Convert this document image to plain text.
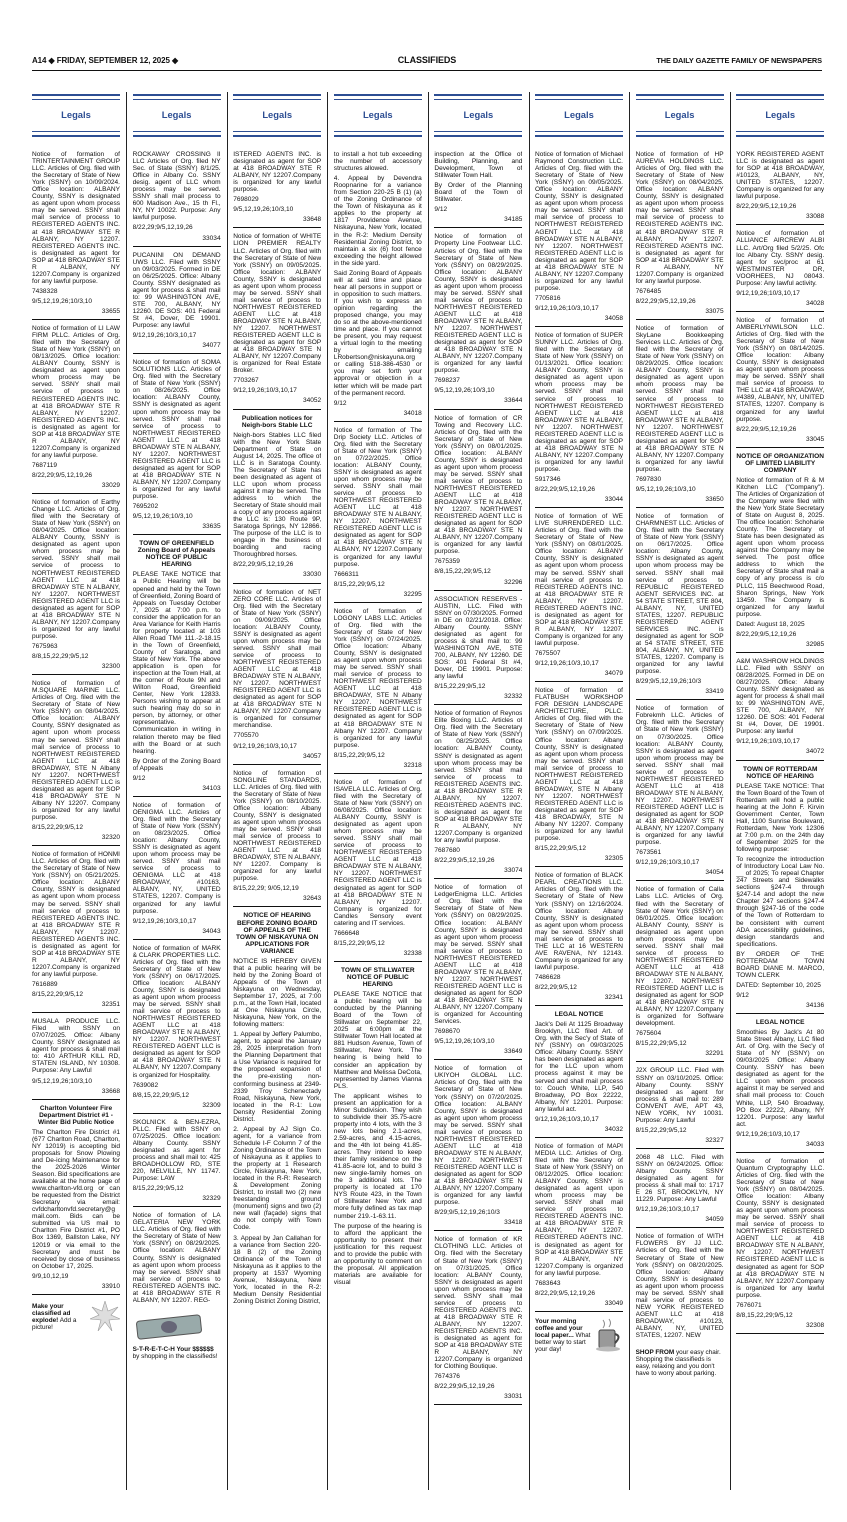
A14 ◆ FRIDAY, SEPTEMBER 12, 2025 ◆	CLASSIFIEDS	THE DAILY GAZETTE FAMILY OF NEWSPAPERS
Legals

Notice of formation of TRINTERTAINMENT GROUP LLC. Articles of Org. filed with the Secretary of State of New York (SSNY) on 10/09/2024. Office location: ALBANY County, SSNY is designated as agent upon whom process may be served. SSNY shall mail service of process to REGISTERED AGENTS INC. at 418 BROADWAY STE R ALBANY, NY 12207. REGISTERED AGENTS INC. is designated as agent for SOP at 418 BROADWAY STE R ALBANY, NY 12207.Company is organized for any lawful purpose.

7438328

9/5,12,19,26;10/3,10

33655

Notice of formation of LI LAW FIRM PLLC. Articles of Org. filed with the Secretary of State of New York (SSNY) on 08/13/2025. Office location: ALBANY County, SSNY is designated as agent upon whom process may be served. SSNY shall mail service of process to REGISTERED AGENTS INC. at 418 BROADWAY STE R ALBANY, NY 12207. REGISTERED AGENTS INC. is designated as agent for SOP at 418 BROADWAY STE R ALBANY, NY 12207.Company is organized for any lawful purpose.

7687119

8/22,29;9/5,12,19,26

33029

Notice of formation of Earthy Change LLC. Articles of Org. filed with the Secretary of State of New York (SSNY) on 08/04/2025. Office location: ALBANY County, SSNY is designated as agent upon whom process may be served. SSNY shall mail service of process to NORTHWEST REGISTERED AGENT LLC at 418 BROADWAY STE N ALBANY, NY 12207. NORTHWEST REGISTERED AGENT LLC is designated as agent for SOP at 418 BROADWAY STE N ALBANY, NY 12207.Company is organized for any lawful purpose.

7675963

8/8,15,22,29;9/5,12

32300

Notice of formation of M.SQUARE MARINE LLC. Articles of Org. filed with the Secretary of State of New York (SSNY) on 08/04/2025. Office location: ALBANY County, SSNY designated as agent upon whom process may be served. SSNY shall mail service of process to NORTHWEST REGISTERED AGENT LLC at 418 BROADWAY, STE N Albany NY 12207. NORTHWEST REGISTERED AGENT LLC is designated as agent for SOP 418 BROADWAY STE N Albany NY 12207. Company is organized for any lawful purpose.

8/15,22,29;9/5,12

32320

Notice of formation of HONMI LLC. Articles of Org. filed with the Secretary of State of New York (SSNY) on 05/21/2025. Office location: ALBANY County, SSNY is designated as agent upon whom process may be served. SSNY shall mail service of process to REGISTERED AGENTS INC. at 418 BROADWAY STE R ALBANY, NY 12207. REGISTERED AGENTS INC. is designated as agent for SOP at 418 BROADWAY STE R ALBANY, NY 12207.Company is organized for any lawful purpose.

7616889

8/15,22,29;9/5,12

32351

MUSALA PRODUCE LLC. Filed with SSNY on 07/07/2025. Office: Albany County. SSNY designated as agent for process & shall mail to: 410 ARTHUR KILL RD, STATEN ISLAND, NY 10308. Purpose: Any Lawful

9/5,12,19,26;10/3,10

33668

Charlton Volunteer Fire Department District #1 - Winter Bid Public Notice

The Charlton Fire District #1 (677 Charlton Road, Charlton, NY 12019) is accepting bid proposals for Snow Plowing and De-icing Maintenance for the 2025-2026 Winter Season. Bid specifications are available at the home page of www.charlton-vfd.org or can be requested from the District Secretary via email: cvfdcharltonvfd.secretary@gmail.com. Bids can be submitted via US mail to Charlton Fire District #1, PO Box 1369, Ballston Lake, NY 12019 or via email to the Secretary and must be received by close of business on October 17, 2025.

9/9,10,12,19

33910

Make your classified ad explode! Add a picture!
Legals

ROCKAWAY CROSSING II LLC Articles of Org. filed NY Sec. of State (SSNY) 8/1/25. Office in Albany Co. SSNY desig. agent of LLC whom process may be served. SSNY shall mail process to 600 Madison Ave., 15 th Fl., NY, NY 10022. Purpose: Any lawful purpose.

8/22,29;9/5,12,19,26

33034

PUCANINI ON DEMAND UWS LLC. Filed with SSNY on 09/03/2025. Formed in DE on 06/25/2025. Office: Albany County. SSNY designated as agent for process & shall mail to: 99 WASHINGTON AVE, STE 700, ALBANY, NY 12260. DE SOS: 401 Federal St #4, Dover, DE 19901. Purpose: any lawful

9/12,19,26;10/3,10,17

34077

Notice of formation of SOMA SOLUTIONS LLC. Articles of Org. filed with the Secretary of State of New York (SSNY) on 08/26/2025. Office location: ALBANY County, SSNY is designated as agent upon whom process may be served. SSNY shall mail service of process to NORTHWEST REGISTERED AGENT LLC at 418 BROADWAY STE N ALBANY, NY 12207. NORTHWEST REGISTERED AGENT LLC is designated as agent for SOP at 418 BROADWAY STE N ALBANY, NY 12207.Company is organized for any lawful purpose.

7695202

9/5,12,19,26;10/3,10

33635

TOWN OF GREENFIELD Zoning Board of Appeals NOTICE OF PUBLIC HEARING

PLEASE TAKE NOTICE that a Public Hearing will be opened and held by the Town of Greenfield, Zoning Board of Appeals on Tuesday October 7, 2025 at 7:00 p.m. to consider the application for an Area Variance for Keith Harris for property located at 103 Allen Road TM# 111.-2-18.15 in the Town of Greenfield, County of Saratoga, and State of New York. The above application is open for inspection at the Town Hall, at the corner of Route 9N and Wilton Road, Greenfield Center, New York 12833. Persons wishing to appear at such hearing may do so in person, by attorney, or other representative. Communication in writing in relation thereto may be filed with the Board or at such hearing.

By Order of the Zoning Board of Appeals

9/12

34103

Notice of formation of OENIGMA LLC. Articles of Org. filed with the Secretary of State of New York (SSNY) on 08/23/2025. Office location: Albany County, SSNY is designated as agent upon whom process may be served. SSNY shall mail service of process to OENIGMA LLC at 418 BROADWAY, #10163, ALBANY, NY, UNITED STATES, 12207. Company is organized for any lawful purpose.

9/12,19,26;10/3,10,17

34043

Notice of formation of MARK & CLARK PROPERTIES LLC. Articles of Org. filed with the Secretary of State of New York (SSNY) on 06/17/2025. Office location: ALBANY County, SSNY is designated as agent upon whom process may be served. SSNY shall mail service of process to NORTHWEST REGISTERED AGENT LLC at 418 BROADWAY STE N ALBANY, NY 12207. NORTHWEST REGISTERED AGENT LLC is designated as agent for SOP at 418 BROADWAY STE N ALBANY, NY 12207.Company is organized for Hospitality.

7639082

8/8,15,22,29;9/5,12

32309

SKOLNICK & BEN-EZRA, PLLC. Filed with SSNY on 07/25/2025. Office location: Albany County. SSNY designated as agent for process and shall mail to: 425 BROADHOLLOW RD, STE 220, MELVILLE, NY 11747. Purpose: LAW

8/15,22,29;9/5,12

32329

Notice of formation of LA GELATERIA NEW YORK LLC. Articles of Org. filed with the Secretary of State of New York (SSNY) on 08/29/2025. Office location: ALBANY County, SSNY is designated as agent upon whom process may be served. SSNY shall mail service of process to REGISTERED AGENTS INC. at 418 BROADWAY STE R ALBANY, NY 12207. REG-

S-T-R-E-T-C-H Your $$$$$$ by shopping in the classifieds!
Legals

ISTERED AGENTS INC. is designated as agent for SOP at 418 BROADWAY STE R ALBANY, NY 12207.Company is organized for any lawful purpose.

7698029

9/5,12,19,26;10/3,10

33648

Notice of formation of WHITE LION PREMIER REALTY LLC. Articles of Org. filed with the Secretary of State of New York (SSNY) on 09/05/2025. Office location: ALBANY County, SSNY is designated as agent upon whom process may be served. SSNY shall mail service of process to NORTHWEST REGISTERED AGENT LLC at 418 BROADWAY STE N ALBANY, NY 12207. NORTHWEST REGISTERED AGENT LLC is designated as agent for SOP at 418 BROADWAY STE N ALBANY, NY 12207.Company is organized for Real Estate Broker.

7703267

9/12,19,26;10/3,10,17

34052

Publication notices for Neigh-bors Stable LLC

Neigh-bors Stables LLC filed with the New York State Department of State on August 14, 2025. The office of LLC is in Saratoga County. The Secretary of State has been designated as agent of LLC upon whom process against it may be served. The address to which the Secretary of State should mail a copy of any process against the LLC is: 130 Route 9P, Saratoga Springs, NY 12866. The purpose of the LLC is to engage in the business of boarding and racing Thoroughbred horses.

8/22,29;9/5,12,19,26

33030

Notice of formation of NET ZERO CORE LLC. Articles of Org. filed with the Secretary of State of New York (SSNY) on 09/09/2025. Office location: ALBANY County, SSNY is designated as agent upon whom process may be served. SSNY shall mail service of process to NORTHWEST REGISTERED AGENT LLC at 418 BROADWAY STE N ALBANY, NY 12207. NORTHWEST REGISTERED AGENT LLC is designated as agent for SOP at 418 BROADWAY STE N ALBANY, NY 12207.Company is organized for consumer merchandise.

7705570

9/12,19,26;10/3,10,17

34057

Notice of formation of SONGLINE STANDARDS, LLC. Articles of Org. filed with the Secretary of State of New York (SSNY) on 08/10/2025. Office location: Albany County, SSNY is designated as agent upon whom process may be served. SSNY shall mail service of process to NORTHWEST REGISTERED AGENT LLC at 418 BROADWAY, STE N ALBANY, NY 12207. Company is organized for any lawful purpose.

8/15,22,29; 9/05,12,19

32643

NOTICE OF HEARING BEFORE ZONING BOARD OF APPEALS OF THE TOWN OF NISKAYUNA ON APPLICATIONS FOR VARIANCE

NOTICE IS HEREBY GIVEN that a public hearing will be held by the Zoning Board of Appeals of the Town of Niskayuna on Wednesday, September 17, 2025, at 7:00 p.m., at the Town Hall, located at One Niskayuna Circle, Niskayuna, New York, on the following matters:

1. Appeal by Jeffery Palumbo, agent, to appeal the January 28, 2025 interpretation from the Planning Department that a Use Variance is required for the proposed expansion of the pre-existing non-conforming business at 2349-2339 Troy Schenectady Road, Niskayuna, New York, located in the R-1: Low Density Residential Zoning District.

2. Appeal by AJ Sign Co. agent, for a variance from Schedule I-F Column 7 of the Zoning Ordinance of the Town of Niskayuna as it applies to the property at 1 Research Circle, Niskayuna, New York, located in the R-R: Research & Development Zoning District, to install two (2) new freestanding ground (monument) signs and two (2) new wall (façade) signs that do not comply with Town Code.

3. Appeal by Jan Callahan for a variance from Section 220-18 B (2) of the Zoning Ordinance of the Town of Niskayuna as it applies to the property at 1537 Wyoming Avenue, Niskayuna, New York, located in the R-2: Medium Density Residential Zoning District Zoning District,

Legals

to install a hot tub exceeding the number of accessory structures allowed.

4. Appeal by Devendra Roopnarine for a variance from Section 220-25 B (1) (a) of the Zoning Ordinance of the Town of Niskayuna as it applies to the property at 1817 Providence Avenue, Niskayuna, New York, located in the R-2: Medium Density Residential Zoning District, to maintain a six (6) foot fence exceeding the height allowed in the side yard.

Said Zoning Board of Appeals will at said time and place hear all persons in support or in opposition to such matters. If you wish to express an opinion regarding the proposed change, you may do so at the above-mentioned time and place. If you cannot be present, you may request a virtual login to the meeting by emailing LRobertson@niskayuna.org or calling 518-386-4530 or you may set forth your approval or objection in a letter which will be made part of the permanent record.

9/12

34018

Notice of formation of The Drip Society LLC. Articles of Org. filed with the Secretary of State of New York (SSNY) on 07/22/2025. Office location: ALBANY County, SSNY is designated as agent upon whom process may be served. SSNY shall mail service of process to NORTHWEST REGISTERED AGENT LLC at 418 BROADWAY STE N ALBANY, NY 12207. NORTHWEST REGISTERED AGENT LLC is designated as agent for SOP at 418 BROADWAY STE N ALBANY, NY 12207.Company is organized for any lawful purpose.

7666311

8/15,22,29;9/5,12

32295

Notice of formation of LOGONY LABS LLC. Articles of Org. filed with the Secretary of State of New York (SSNY) on 07/24/2025. Office location: Albany County, SSNY is designated as agent upon whom process may be served. SSNY shall mail service of process to NORTHWEST REGISTERED AGENT LLC at 418 BROADWAY, STE N Albany NY 12207. NORTHWEST REGISTERED AGENT LLC is designated as agent for SOP at 418 BROADWAY STE N Albany NY 12207. Company is organized for any lawful purpose.

8/15,22,29;9/5,12

32318

Notice of formation of ISAVELA LLC. Articles of Org. filed with the Secretary of State of New York (SSNY) on 06/08/2025. Office location: ALBANY County, SSNY is designated as agent upon whom process may be served. SSNY shall mail service of process to NORTHWEST REGISTERED AGENT LLC at 418 BROADWAY STE N ALBANY, NY 12207. NORTHWEST REGISTERED AGENT LLC is designated as agent for SOP at 418 BROADWAY STE N ALBANY, NY 12207. Company is organized for Candles Sensory event catering and IT services.

7666648

8/15,22,29;9/5,12

32338

TOWN OF STILLWATER NOTICE OF PUBLIC HEARING

PLEASE TAKE NOTICE that a public hearing will be conducted by the Planning Board of the Town of Stillwater on September 22, 2025 at 6:00pm at the Stillwater Town Hall located at 881 Hudson Avenue, Town of Stillwater, New York. The hearing is being held to consider an application by Matthew and Melissa DeCota, represented by James Vianna PLS.

The applicant wishes to present an application for a Minor Subdivision. They wish to subdivide their 35.75-acre property into 4 lots, with the 3 new lots being 2.1-acres, 2.59-acres, and 4.15-acres, and the 4th lot being 41.85-acres. They intend to keep their family residence on the 41.85-acre lot, and to build 3 new single-family homes on the 3 additional lots. The property is located at 170 NYS Route 423, in the Town of Stillwater New York and more fully defined as tax map number 219.-1-63.11.

The purpose of the hearing is to afford the applicant the opportunity to present their justification for this request and to provide the public with an opportunity to comment on the proposal. All application materials are available for visual

Legals

inspection at the Office of Building, Planning, and Development, Town of Stillwater Town Hall.

By Order of the Planning Board of the Town of Stillwater.

9/12

34185

Notice of formation of Property Line Footwear LLC. Articles of Org. filed with the Secretary of State of New York (SSNY) on 08/29/2025. Office location: ALBANY County, SSNY is designated as agent upon whom process may be served. SSNY shall mail service of process to NORTHWEST REGISTERED AGENT LLC at 418 BROADWAY STE N ALBANY, NY 12207. NORTHWEST REGISTERED AGENT LLC is designated as agent for SOP at 418 BROADWAY STE N ALBANY, NY 12207.Company is organized for any lawful purpose.

7698237

9/5,12,19,26;10/3,10

33644

Notice of formation of CR Towing and Recovery LLC. Articles of Org. filed with the Secretary of State of New York (SSNY) on 08/01/2025. Office location: ALBANY County, SSNY is designated as agent upon whom process may be served. SSNY shall mail service of process to NORTHWEST REGISTERED AGENT LLC at 418 BROADWAY STE N ALBANY, NY 12207. NORTHWEST REGISTERED AGENT LLC is designated as agent for SOP at 418 BROADWAY STE N ALBANY, NY 12207.Company is organized for any lawful purpose.

7675359

8/8,15,22,29;9/5,12

32296

ASSOCIATION RESERVES - AUSTIN, LLC. Filed with SSNY on 07/30/2025. Formed in DE on 02/21/2018. Office: Albany County. SSNY designated as agent for process & shall mail to: 99 WASHINGTON AVE, STE 700, ALBANY, NY 12260. DE SOS: 401 Federal St #4, Dover, DE 19901. Purpose: any lawful

8/15,22,29;9/5,12

32332

Notice of formation of Reynos Elite Boxing LLC. Articles of Org. filed with the Secretary of State of New York (SSNY) on 08/25/2025. Office location: ALBANY County, SSNY is designated as agent upon whom process may be served. SSNY shall mail service of process to REGISTERED AGENTS INC. at 418 BROADWAY STE R ALBANY, NY 12207. REGISTERED AGENTS INC. is designated as agent for SOP at 418 BROADWAY STE R ALBANY, NY 12207.Company is organized for any lawful purpose.

7687680

8/22,29;9/5,12,19,26

33074

Notice of formation of LedgerEnigma LLC. Articles of Org. filed with the Secretary of State of New York (SSNY) on 08/29/2025. Office location: ALBANY County, SSNY is designated as agent upon whom process may be served. SSNY shall mail service of process to NORTHWEST REGISTERED AGENT LLC at 418 BROADWAY STE N ALBANY, NY 12207. NORTHWEST REGISTERED AGENT LLC is designated as agent for SOP at 418 BROADWAY STE N ALBANY, NY 12207.Company is organized for Accounting Services.

7698670

9/5,12,19,26;10/3,10

33649

Notice of formation of UKIYOH GLOBAL LLC. Articles of Org. filed with the Secretary of State of New York (SSNY) on 07/20/2025. Office location: ALBANY County, SSNY is designated as agent upon whom process may be served. SSNY shall mail service of process to NORTHWEST REGISTERED AGENT LLC at 418 BROADWAY STE N ALBANY, NY 12207. NORTHWEST REGISTERED AGENT LLC is designated as agent for SOP at 418 BROADWAY STE N ALBANY, NY 12207.Company is organized for any lawful purpose.

8/29;9/5,12,19,26;10/3

33418

Notice of formation of KR CLOTHING LLC. Articles of Org. filed with the Secretary of State of New York (SSNY) on 07/31/2025. Office location: ALBANY County, SSNY is designated as agent upon whom process may be served. SSNY shall mail service of process to REGISTERED AGENTS INC. at 418 BROADWAY STE R ALBANY, NY 12207. REGISTERED AGENTS INC. is designated as agent for SOP at 418 BROADWAY STE R ALBANY, NY 12207.Company is organized for Clothing Boutique.

7674376

8/22,29;9/5,12,19,26

33031

Legals

Notice of formation of Michael Raymond Construction LLC. Articles of Org. filed with the Secretary of State of New York (SSNY) on 09/05/2025. Office location: ALBANY County, SSNY is designated as agent upon whom process may be served. SSNY shall mail service of process to NORTHWEST REGISTERED AGENT LLC at 418 BROADWAY STE N ALBANY, NY 12207. NORTHWEST REGISTERED AGENT LLC is designated as agent for SOP at 418 BROADWAY STE N ALBANY, NY 12207.Company is organized for any lawful purpose.

7705816

9/12,19,26;10/3,10,17

34058

Notice of formation of SUPER SUNNY LLC. Articles of Org. filed with the Secretary of State of New York (SSNY) on 01/13/2021. Office location: ALBANY County, SSNY is designated as agent upon whom process may be served. SSNY shall mail service of process to NORTHWEST REGISTERED AGENT LLC at 418 BROADWAY STE N ALBANY, NY 12207. NORTHWEST REGISTERED AGENT LLC is designated as agent for SOP at 418 BROADWAY STE N ALBANY, NY 12207.Company is organized for any lawful purpose.

5917346

8/22,29;9/5,12,19,26

33044

Notice of formation of WE LIVE SURRENDERED LLC. Articles of Org. filed with the Secretary of State of New York (SSNY) on 08/01/2025. Office location: ALBANY County, SSNY is designated as agent upon whom process may be served. SSNY shall mail service of process to REGISTERED AGENTS INC. at 418 BROADWAY STE R ALBANY, NY 12207. REGISTERED AGENTS INC. is designated as agent for SOP at 418 BROADWAY STE R ALBANY, NY 12207. Company is organized for any lawful purpose.

7675507

9/12,19,26;10/3,10,17

34079

Notice of formation of FLATBUSH WORKSHOP FOR DESIGN LANDSCAPE ARCHITECTURE, PLLC. Articles of Org. filed with the Secretary of State of New York (SSNY) on 07/09/2025. Office location: Albany County, SSNY is designated as agent upon whom process may be served. SSNY shall mail service of process to NORTHWEST REGISTERED AGENT LLC at 418 BROADWAY, STE N Albany NY 12207. NORTHWEST REGISTERED AGENT LLC is designated as agent for SOP 418 BROADWAY, STE N Albany NY 12207. Company is organized for any lawful purpose.

8/15,22,29;9/5,12

32305

Notice of formation of BLACK PEARL CREATIONS LLC. Articles of Org. filed with the Secretary of State of New York (SSNY) on 12/16/2024. Office location: Albany County, SSNY is designated as agent upon whom process may be served. SSNY shall mail service of process to THE LLC at 16 WESTERN AVE RAVENA, NY 12143. Company is organized for any lawful purpose.

7486628

8/22,29;9/5,12

32341

LEGAL NOTICE

Jack's Deli At 1125 Broadway Brooklyn, LLC filed Art. of Org. with the Sec'y of State of NY (SSNY) on 09/03/2025 Office: Albany County. SSNY has been designated as agent for the LLC upon whom process against it may be served and shall mail process to: Couch White, LLP, 540 Broadway, PO Box 22222, Albany, NY 12201. Purpose: any lawful act.

9/12,19,26;10/3,10,17

34032

Notice of formation of MAPI MEDIA LLC. Articles of Org. filed with the Secretary of State of New York (SSNY) on 08/12/2025. Office location: ALBANY County, SSNY is designated as agent upon whom process may be served. SSNY shall mail service of process to REGISTERED AGENTS INC. at 418 BROADWAY STE R ALBANY, NY 12207. REGISTERED AGENTS INC. is designated as agent for SOP at 418 BROADWAY STE R ALBANY, NY 12207.Company is organized for any lawful purpose.

7683643

8/22,29;9/5,12,19,26

33049

Your morning coffee and your local paper... What better way to start your day!
Legals

Notice of formation of HP AUREVIA HOLDINGS LLC. Articles of Org. filed with the Secretary of State of New York (SSNY) on 08/04/2025. Office location: ALBANY County, SSNY is designated as agent upon whom process may be served. SSNY shall mail service of process to REGISTERED AGENTS INC. at 418 BROADWAY STE R ALBANY, NY 12207. REGISTERED AGENTS INC. is designated as agent for SOP at 418 BROADWAY STE R ALBANY, NY 12207.Company is organized for any lawful purpose.

7676485

8/22,29;9/5,12,19,26

33075

Notice of formation of SkyLane Bookkeeping Services LLC. Articles of Org. filed with the Secretary of State of New York (SSNY) on 08/29/2025. Office location: ALBANY County, SSNY is designated as agent upon whom process may be served. SSNY shall mail service of process to NORTHWEST REGISTERED AGENT LLC at 418 BROADWAY STE N ALBANY, NY 12207. NORTHWEST REGISTERED AGENT LLC is designated as agent for SOP at 418 BROADWAY STE N ALBANY, NY 12207.Company is organized for any lawful purpose.

7697830

9/5,12,19,26;10/3,10

33650

Notice of formation of CHARMNEST LLC. Articles of Org. filed with the Secretary of State of New York (SSNY) on 06/17/2025. Office location: Albany County, SSNY is designated as agent upon whom process may be served. SSNY shall mail service of process to REPUBLIC REGISTERED AGENT SERVICES INC. at 54 STATE STREET, STE 804, ALBANY, NY, UNITED STATES, 12207. REPUBLIC REGISTERED AGENT SERVICES INC. is designated as agent for SOP at 54 STATE STREET, STE 804, ALBANY, NY, UNITED STATES, 12207. Company is organized for any lawful purpose.

8/29;9/5,12,19,26;10/3

33419

Notice of formation of Fobrekmh LLC. Articles of Org. filed with the Secretary of State of New York (SSNY) on 07/30/2025. Office location: ALBANY County, SSNY is designated as agent upon whom process may be served. SSNY shall mail service of process to NORTHWEST REGISTERED AGENT LLC at 418 BROADWAY STE N ALBANY, NY 12207. NORTHWEST REGISTERED AGENT LLC is designated as agent for SOP at 418 BROADWAY STE N ALBANY, NY 12207.Company is organized for any lawful purpose.

7673561

9/12,19,26;10/3,10,17

34054

Notice of formation of Calla Labs LLC. Articles of Org. filed with the Secretary of State of New York (SSNY) on 06/01/2025. Office location: ALBANY County, SSNY is designated as agent upon whom process may be served. SSNY shall mail service of process to NORTHWEST REGISTERED AGENT LLC at 418 BROADWAY STE N ALBANY, NY 12207. NORTHWEST REGISTERED AGENT LLC is designated as agent for SOP at 418 BROADWAY STE N ALBANY, NY 12207.Company is organized for Software development.

7675604

8/15,22,29;9/5,12

32291

J2X GROUP LLC. Filed with SSNY on 03/10/2025. Office: Albany County. SSNY designated as agent for process & shall mail to: 289 CONVENT AVE, APT 43, NEW YORK, NY 10031. Purpose: Any Lawful

8/15,22,29;9/5,12

32327

2068 48 LLC. Filed with SSNY on 06/24/2025. Office: Albany County. SSNY designated as agent for process & shall mail to: 1717 E 26 ST, BROOKLYN, NY 11229. Purpose: Any Lawful

9/12,19,26;10/3,10,17

34059

Notice of formation of WITH FLOWERS BY JJ LLC. Articles of Org. filed with the Secretary of State of New York (SSNY) on 08/20/2025. Office location: Albany County, SSNY is designated as agent upon whom process may be served. SSNY shall mail service of process to NEW YORK REGISTERED AGENT LLC at 418 BROADWAY, #10123, ALBANY, NY, UNITED STATES, 12207. NEW

SHOP FROM your easy chair. Shopping the classifieds is easy, relaxing and you don't have to worry about parking.
Legals

YORK REGISTERED AGENT LLC is designated as agent for SOP at 418 BROADWAY, #10123, ALBANY, NY, UNITED STATES, 12207. Company is organized for any lawful purpose.

8/22,29;9/5,12,19,26

33088

Notice of formation of ALLIANCE AIRCREW ALBI LLC. Art/Org filed 5/2/25. Ofc loc Albany Cty. SSNY desig. agent for svc/proc at 61 WESTMINSTER DR, VOORHEES, NJ 08043. Purpose: Any lawful activity.

9/12,19,26;10/3,10,17

34028

Notice of formation of AMBERLYNWILSON LLC. Articles of Org. filed with the Secretary of State of New York (SSNY) on 08/14/2025. Office location: Albany County, SSNY is designated as agent upon whom process may be served. SSNY shall mail service of process to THE LLC at 418 BROADWAY, #4389, ALBANY, NY, UNITED STATES, 12207. Company is organized for any lawful purpose.

8/22,29;9/5,12,19,26

33045

NOTICE OF ORGANIZATION OF LIMITED LIABILITY COMPANY

Notice of formation of R & M Kitchen LLC ("Company"). The Articles of Organization of the Company were filed with the New York State Secretary of State on August 8, 2025. The office location: Schoharie County. The Secretary of State has been designated as agent upon whom process against the Company may be served. The post office address to which the Secretary of State shall mail a copy of any process is c/o PLLC, 115 Beechwood Road, Sharon Springs, New York 13459. The Company is organized for any lawful purpose.

Dated: August 18, 2025

8/22,29;9/5,12,19,26

32985

A&M WASHROW HOLDINGS LLC. Filed with SSNY on 08/28/2025. Formed in DE on 08/27/2025. Office: Albany County. SSNY designated as agent for process & shall mail to: 99 WASHINGTON AVE, STE 700, ALBANY, NY 12260. DE SOS: 401 Federal St #4, Dover, DE 19901. Purpose: any lawful

9/12,19,26;10/3,10,17

34072

TOWN OF ROTTERDAM NOTICE OF HEARING

PLEASE TAKE NOTICE: That the Town Board of the Town of Rotterdam will hold a public hearing at the John F. Kirvin Government Center, Town Hall, 1100 Sunrise Boulevard, Rotterdam, New York 12306 at 7:00 p.m. on the 24th day of September 2025 for the following purpose:

To recognize the introduction of Introductory Local Law No. __ of 2025; To repeal Chapter 247 Streets and Sidewalks sections §247-4 through §247-14 and adopt the new Chapter 247 sections §247-4 through §247-16 of the code of the Town of Rotterdam to be consistent with current ADA accessibility guidelines, design standards and specifications.

BY ORDER OF THE ROTTERDAM TOWN BOARD DIANE M. MARCO, TOWN CLERK

DATED: September 10, 2025

9/12

34136

LEGAL NOTICE

Smoothies By Jack's At 80 State Street Albany, LLC filed Art. of Org. with the Sec'y of State of NY (SSNY) on 09/03/2025 Office: Albany County. SSNY has been designated as agent for the LLC upon whom process against it may be served and shall mail process to: Couch White, LLP, 540 Broadway, PO Box 22222, Albany, NY 12201. Purpose: any lawful act.

9/12,19,26;10/3,10,17

34033

Notice of formation of Quantum Cryptography LLC. Articles of Org. filed with the Secretary of State of New York (SSNY) on 08/04/2025. Office location: Albany County, SSNY is designated as agent upon whom process may be served. SSNY shall mail service of process to NORTHWEST REGISTERED AGENT LLC at 418 BROADWAY STE N ALBANY, NY 12207. NORTHWEST REGISTERED AGENT LLC is designated as agent for SOP at 418 BROADWAY STE N ALBANY, NY 12207.Company is organized for any lawful purpose.

7676071

8/8,15,22,29;9/5,12

32308
